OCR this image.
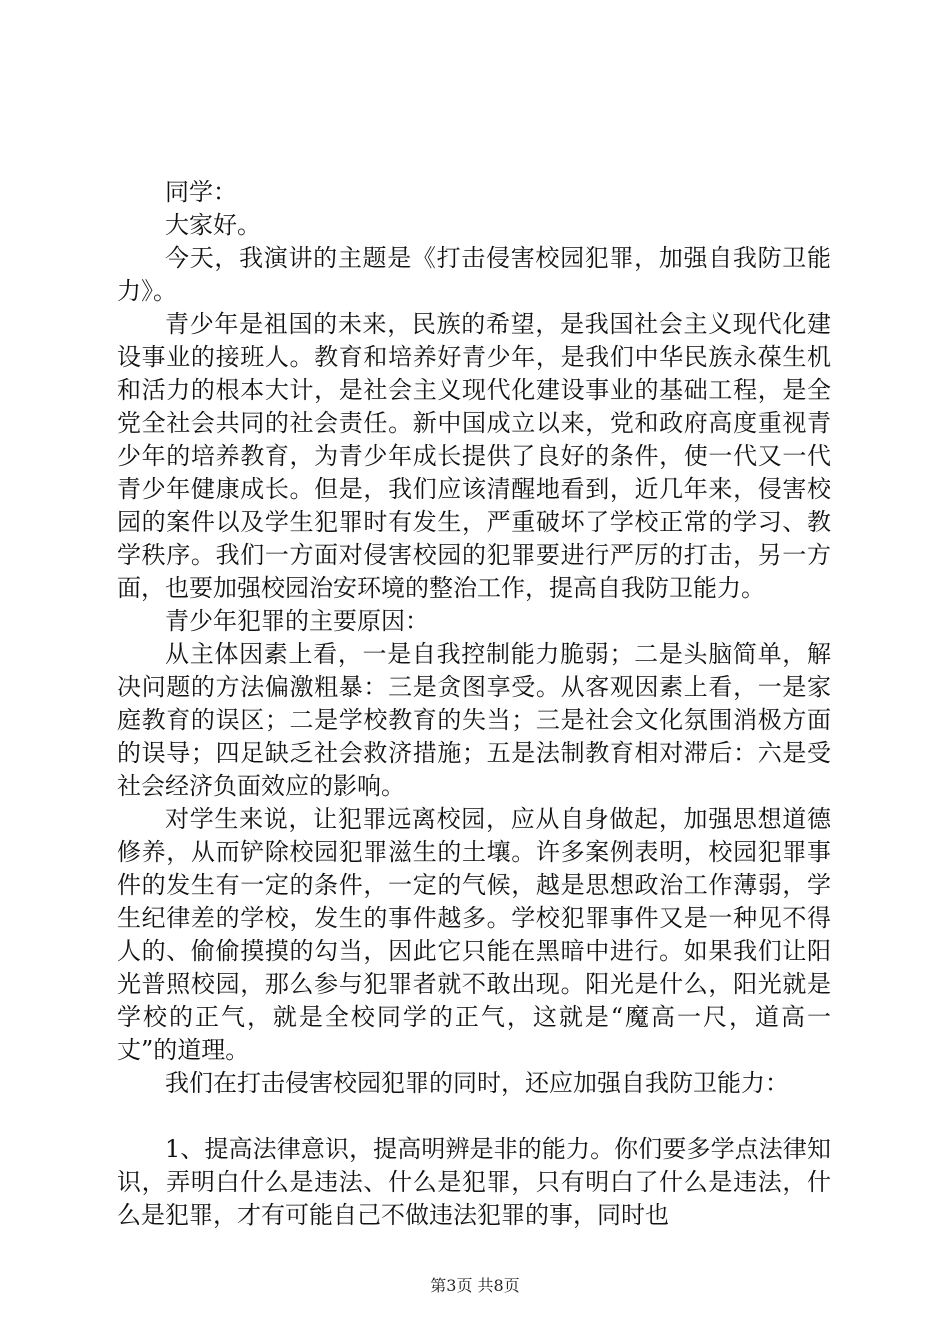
同学：

大家好。

今天，我演讲的主题是《打击侵害校园犯罪，加强自我防卫能力》。

青少年是祖国的未来，民族的希望，是我国社会主义现代化建设事业的接班人。教育和培养好青少年，是我们中华民族永葆生机和活力的根本大计，是社会主义现代化建设事业的基础工程，是全党全社会共同的社会责任。新中国成立以来，党和政府高度重视青少年的培养教育，为青少年成长提供了良好的条件，使一代又一代青少年健康成长。但是，我们应该清醒地看到，近几年来，侵害校园的案件以及学生犯罪时有发生，严重破坏了学校正常的学习、教学秩序。我们一方面对侵害校园的犯罪要进行严厉的打击，另一方面，也要加强校园治安环境的整治工作，提高自我防卫能力。

青少年犯罪的主要原因：

从主体因素上看，一是自我控制能力脆弱；二是头脑简单，解决问题的方法偏激粗暴：三是贪图享受。从客观因素上看，一是家庭教育的误区；二是学校教育的失当；三是社会文化氛围消极方面的误导；四足缺乏社会救济措施；五是法制教育相对滞后：六是受社会经济负面效应的影响。

对学生来说，让犯罪远离校园，应从自身做起，加强思想道德修养，从而铲除校园犯罪滋生的土壤。许多案例表明，校园犯罪事件的发生有一定的条件，一定的气候，越是思想政治工作薄弱，学生纪律差的学校，发生的事件越多。学校犯罪事件又是一种见不得人的、偷偷摸摸的勾当，因此它只能在黑暗中进行。如果我们让阳光普照校园，那么参与犯罪者就不敢出现。阳光是什么，阳光就是学校的正气，就是全校同学的正气，这就是“魔高一尺，道高一丈”的道理。

我们在打击侵害校园犯罪的同时，还应加强自我防卫能力：

1、提高法律意识，提高明辨是非的能力。你们要多学点法律知识，弄明白什么是违法、什么是犯罪，只有明白了什么是违法，什么是犯罪，才有可能自己不做违法犯罪的事，同时也

第3页 共8页
